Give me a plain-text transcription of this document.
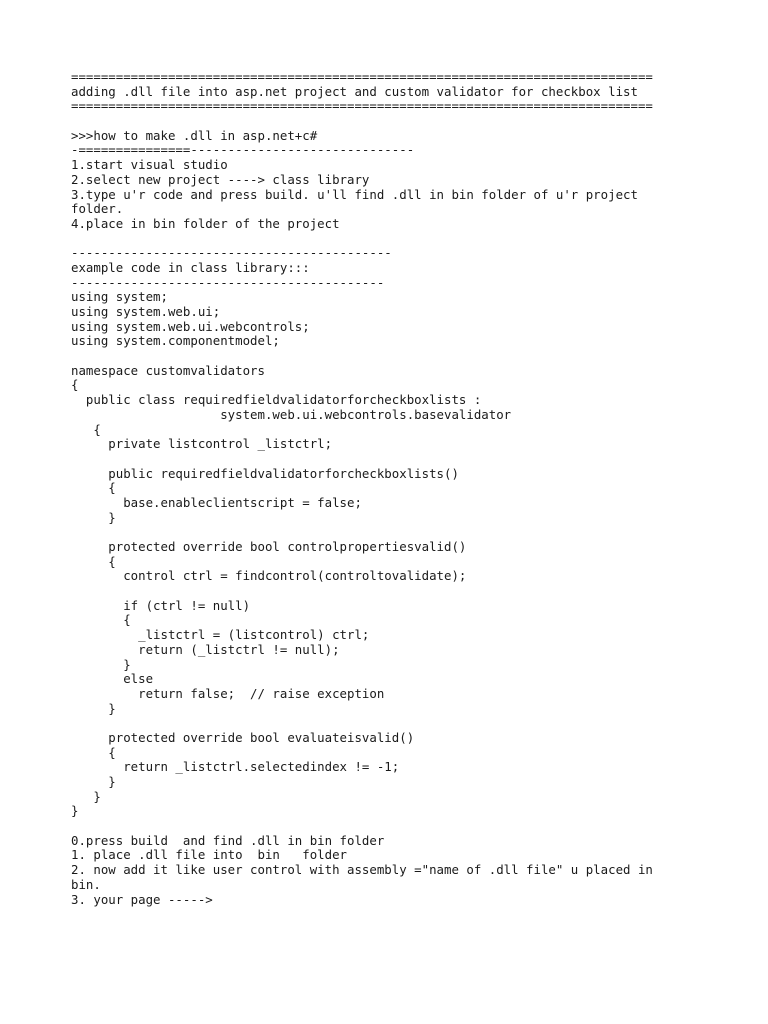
==============================================================================
adding .dll file into asp.net project and custom validator for checkbox list
==============================================================================
>>>how to make .dll in asp.net+c#
-===============------------------------------
1.start visual studio
2.select new project ----> class library
3.type u'r code and press build. u'll find .dll in bin folder of u'r project
folder.
4.place in bin folder of the project
-------------------------------------------
example code in class library:::
------------------------------------------
using system;
using system.web.ui;
using system.web.ui.webcontrols;
using system.componentmodel;
namespace customvalidators
{
public class requiredfieldvalidatorforcheckboxlists :
system.web.ui.webcontrols.basevalidator
{
private listcontrol _listctrl;
public requiredfieldvalidatorforcheckboxlists()
{
base.enableclientscript = false;
}
protected override bool controlpropertiesvalid()
{
control ctrl = findcontrol(controltovalidate);
if (ctrl != null)
{
_listctrl = (listcontrol) ctrl;
return (_listctrl != null);
}
else
return false;  // raise exception
}
protected override bool evaluateisvalid()
{
return _listctrl.selectedindex != -1;
}
}
}
0.press build  and find .dll in bin folder
1. place .dll file into  bin   folder
2. now add it like user control with assembly ="name of .dll file" u placed in
bin.
3. your page ----->
